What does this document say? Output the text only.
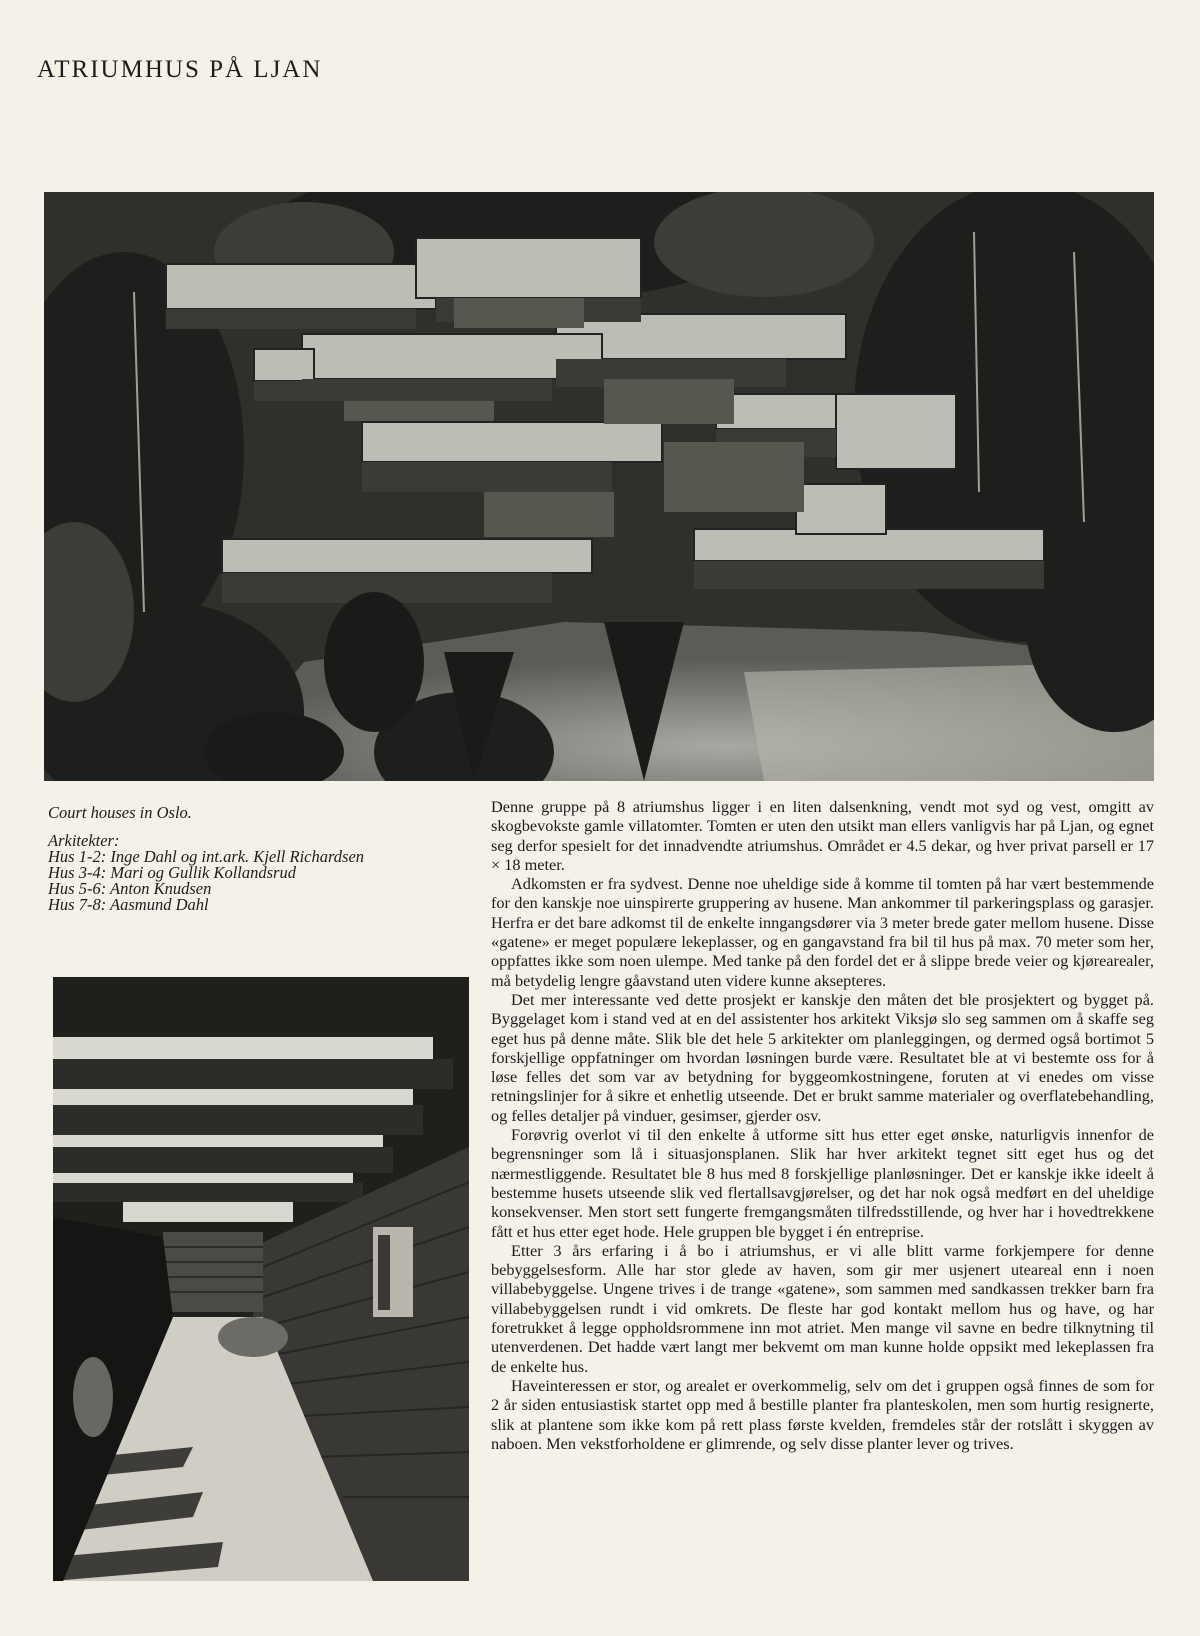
ATRIUMHUS PÅ LJAN

Court houses in Oslo.

Arkitekter:

Hus 1-2: Inge Dahl og int.ark. Kjell Richardsen

Hus 3-4: Mari og Gullik Kollandsrud

Hus 5-6: Anton Knudsen

Hus 7-8: Aasmund Dahl

Denne gruppe på 8 atriumshus ligger i en liten dalsenkning, vendt mot syd og vest, omgitt av skogbevokste gamle villatomter. Tomten er uten den utsikt man ellers vanligvis har på Ljan, og egnet seg derfor spesielt for det innadvendte atriumshus. Området er 4.5 dekar, og hver privat parsell er 17 × 18 meter.

Adkomsten er fra sydvest. Denne noe uheldige side å komme til tomten på har vært bestemmende for den kanskje noe uinspirerte gruppering av husene. Man ankommer til parkeringsplass og garasjer. Herfra er det bare adkomst til de enkelte inngangsdører via 3 meter brede gater mellom husene. Disse «gatene» er meget populære lekeplasser, og en gangavstand fra bil til hus på max. 70 meter som her, oppfattes ikke som noen ulempe. Med tanke på den fordel det er å slippe brede veier og kjørearealer, må betydelig lengre gåavstand uten videre kunne aksepteres.

Det mer interessante ved dette prosjekt er kanskje den måten det ble prosjektert og bygget på. Byggelaget kom i stand ved at en del assistenter hos arkitekt Viksjø slo seg sammen om å skaffe seg eget hus på denne måte. Slik ble det hele 5 arkitekter om planleggingen, og dermed også bortimot 5 forskjellige oppfatninger om hvordan løsningen burde være. Resultatet ble at vi bestemte oss for å løse felles det som var av betydning for byggeomkostningene, foruten at vi enedes om visse retningslinjer for å sikre et enhetlig utseende. Det er brukt samme materialer og overflatebehandling, og felles detaljer på vinduer, gesimser, gjerder osv.

Forøvrig overlot vi til den enkelte å utforme sitt hus etter eget ønske, naturligvis innenfor de begrensninger som lå i situasjonsplanen. Slik har hver arkitekt tegnet sitt eget hus og det nærmestliggende. Resultatet ble 8 hus med 8 forskjellige planløsninger. Det er kanskje ikke ideelt å bestemme husets utseende slik ved flertallsavgjørelser, og det har nok også medført en del uheldige konsekvenser. Men stort sett fungerte fremgangsmåten tilfredsstillende, og hver har i hovedtrekkene fått et hus etter eget hode. Hele gruppen ble bygget i én entreprise.

Etter 3 års erfaring i å bo i atriumshus, er vi alle blitt varme forkjempere for denne bebyggelsesform. Alle har stor glede av haven, som gir mer usjenert uteareal enn i noen villabebyggelse. Ungene trives i de trange «gatene», som sammen med sandkassen trekker barn fra villabebyggelsen rundt i vid omkrets. De fleste har god kontakt mellom hus og have, og har foretrukket å legge oppholdsrommene inn mot atriet. Men mange vil savne en bedre tilknytning til utenverdenen. Det hadde vært langt mer bekvemt om man kunne holde oppsikt med lekeplassen fra de enkelte hus.

Haveinteressen er stor, og arealet er overkommelig, selv om det i gruppen også finnes de som for 2 år siden entusiastisk startet opp med å bestille planter fra planteskolen, men som hurtig resignerte, slik at plantene som ikke kom på rett plass første kvelden, fremdeles står der rotslått i skyggen av naboen. Men vekstforholdene er glimrende, og selv disse planter lever og trives.
